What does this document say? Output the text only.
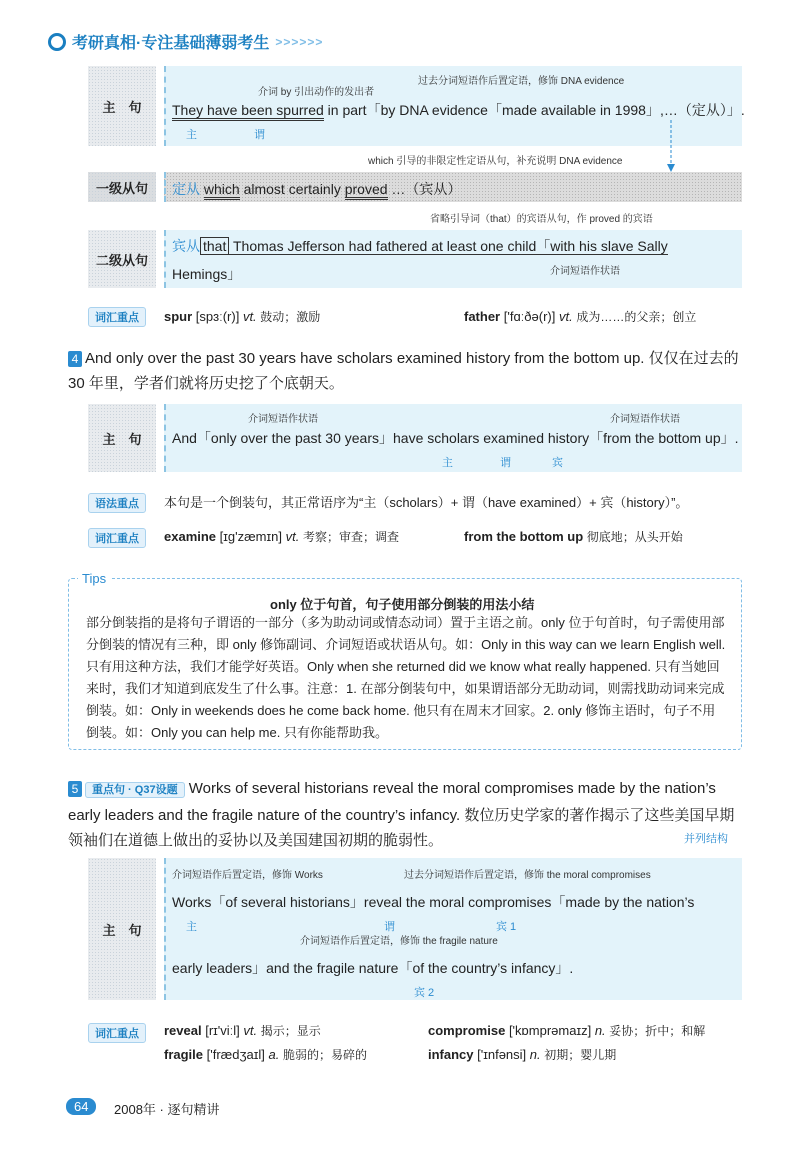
考研真相·专注基础薄弱考生 >>>>>>
主　句
介词 by 引出动作的发出者
过去分词短语作后置定语，修饰 DNA evidence
They have been spurred in part「by DNA evidence「made available in 1998」,…（定从）」.
主	谓
which 引导的非限定性定语从句，补充说明 DNA evidence
一级从句 定从 which almost certainly proved …（宾从）
省略引导词（that）的宾语从句，作 proved 的宾语
二级从句
宾从 that Thomas Jefferson had fathered at least one child「with his slave Sally
Hemings」	介词短语作状语
词汇重点	spur [spɜː(r)] vt. 鼓动；激励	father ['fɑːðə(r)] vt. 成为……的父亲；创立
4 And only over the past 30 years have scholars examined history from the bottom up. 仅仅在过去的 30 年里，学者们就将历史挖了个底朝天。
主　句
介词短语作状语	介词短语作状语
And「only over the past 30 years」have scholars examined history「from the bottom up」.
主	谓	宾
语法重点	本句是一个倒装句，其正常语序为“主（scholars）+ 谓（have examined）+ 宾（history）”。
词汇重点	examine [ɪɡ'zæmɪn] vt. 考察；审查；调查	from the bottom up 彻底地；从头开始
Tips
only 位于句首，句子使用部分倒装的用法小结
部分倒装指的是将句子谓语的一部分（多为助动词或情态动词）置于主语之前。only 位于句首时，句子需使用部分倒装的情况有三种，即 only 修饰副词、介词短语或状语从句。如：Only in this way can we learn English well. 只有用这种方法，我们才能学好英语。Only when she returned did we know what really happened. 只有当她回来时，我们才知道到底发生了什么事。注意：1. 在部分倒装句中，如果谓语部分无助动词，则需找助动词来完成倒装。如：Only in weekends does he come back home. 他只有在周末才回家。2. only 修饰主语时，句子不用倒装。如：Only you can help me. 只有你能帮助我。
5 重点句 · Q37设题 Works of several historians reveal the moral compromises made by the nation’s early leaders and the fragile nature of the country’s infancy. 数位历史学家的著作揭示了这些美国早期领袖们在道德上做出的妥协以及美国建国初期的脆弱性。	并列结构
主　句
介词短语作后置定语，修饰 Works	过去分词短语作后置定语，修饰 the moral compromises
Works「of several historians」reveal the moral compromises「made by the nation’s
主	谓	宾 1
介词短语作后置定语，修饰 the fragile nature
early leaders」and the fragile nature「of the country’s infancy」.
宾 2
词汇重点	reveal [rɪ'viːl] vt. 揭示；显示	compromise ['kɒmprəmaɪz] n. 妥协；折中；和解
fragile ['frædʒaɪl] a. 脆弱的；易碎的	infancy ['ɪnfənsi] n. 初期；婴儿期
64	2008年 · 逐句精讲
